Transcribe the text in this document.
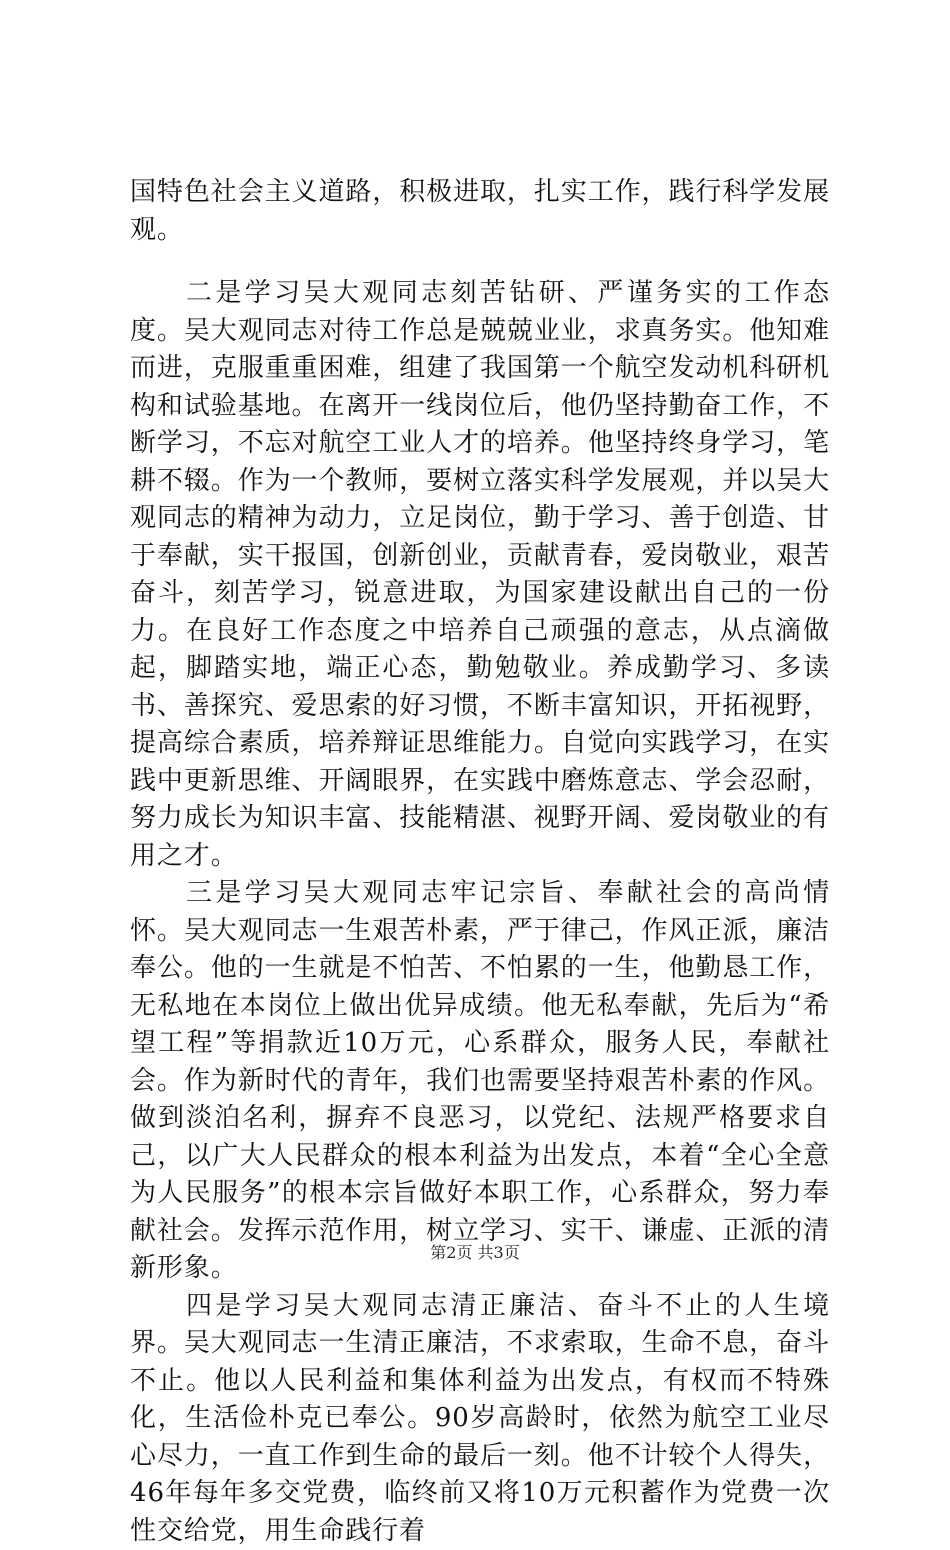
国特色社会主义道路，积极进取，扎实工作，践行科学发展观。

二是学习吴大观同志刻苦钻研、严谨务实的工作态度。吴大观同志对待工作总是兢兢业业，求真务实。他知难而进，克服重重困难，组建了我国第一个航空发动机科研机构和试验基地。在离开一线岗位后，他仍坚持勤奋工作，不断学习，不忘对航空工业人才的培养。他坚持终身学习，笔耕不辍。作为一个教师，要树立落实科学发展观，并以吴大观同志的精神为动力，立足岗位，勤于学习、善于创造、甘于奉献，实干报国，创新创业，贡献青春，爱岗敬业，艰苦奋斗，刻苦学习，锐意进取，为国家建设献出自己的一份力。在良好工作态度之中培养自己顽强的意志，从点滴做起，脚踏实地，端正心态，勤勉敬业。养成勤学习、多读书、善探究、爱思索的好习惯，不断丰富知识，开拓视野，提高综合素质，培养辩证思维能力。自觉向实践学习，在实践中更新思维、开阔眼界，在实践中磨炼意志、学会忍耐，努力成长为知识丰富、技能精湛、视野开阔、爱岗敬业的有用之才。

三是学习吴大观同志牢记宗旨、奉献社会的高尚情怀。吴大观同志一生艰苦朴素，严于律己，作风正派，廉洁奉公。他的一生就是不怕苦、不怕累的一生，他勤恳工作，无私地在本岗位上做出优异成绩。他无私奉献，先后为“希望工程”等捐款近10万元，心系群众，服务人民，奉献社会。作为新时代的青年，我们也需要坚持艰苦朴素的作风。做到淡泊名利，摒弃不良恶习，以党纪、法规严格要求自己，以广大人民群众的根本利益为出发点，本着“全心全意为人民服务”的根本宗旨做好本职工作，心系群众，努力奉献社会。发挥示范作用，树立学习、实干、谦虚、正派的清新形象。

四是学习吴大观同志清正廉洁、奋斗不止的人生境界。吴大观同志一生清正廉洁，不求索取，生命不息，奋斗不止。他以人民利益和集体利益为出发点，有权而不特殊化，生活俭朴克已奉公。90岁高龄时，依然为航空工业尽心尽力，一直工作到生命的最后一刻。他不计较个人得失，46年每年多交党费，临终前又将10万元积蓄作为党费一次性交给党，用生命践行着

第2页 共3页
